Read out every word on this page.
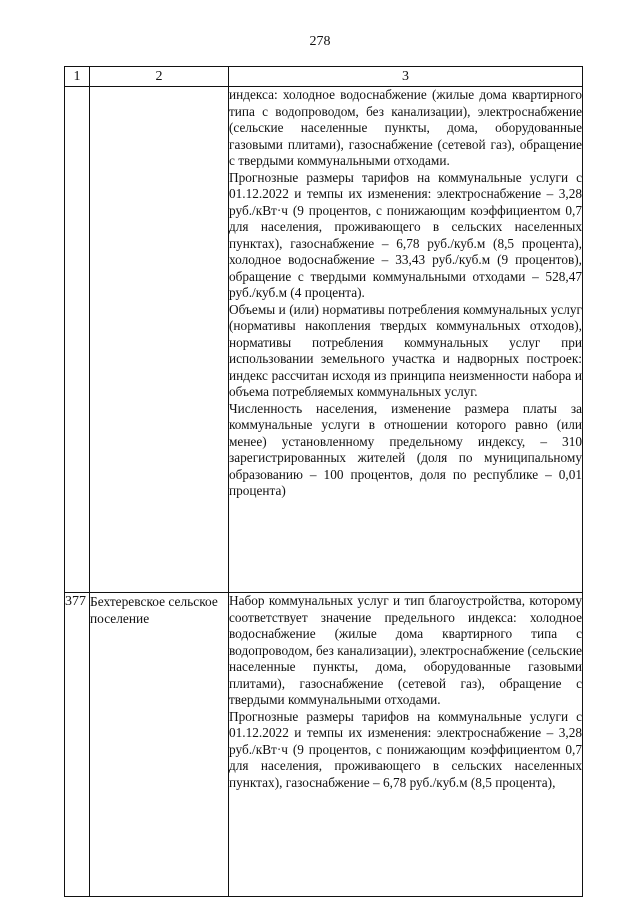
278
1	2	3

		индекса: холодное водоснабжение (жилые дома квартирного типа с водопроводом, без канализации), электроснабжение (сельские населенные пункты, дома, оборудованные газовыми плитами), газоснабжение (сетевой газ), обращение с твердыми коммунальными отходами.

Прогнозные размеры тарифов на коммунальные услуги с 01.12.2022 и темпы их изменения: электроснабжение – 3,28 руб./кВт·ч (9 процентов, с понижающим коэффициентом 0,7 для населения, проживающего в сельских населенных пунктах), газоснабжение – 6,78 руб./куб.м (8,5 процента), холодное водоснабжение – 33,43 руб./куб.м (9 процентов), обращение с твердыми коммунальными отходами – 528,47 руб./куб.м (4 процента).

Объемы и (или) нормативы потребления коммунальных услуг (нормативы накопления твердых коммунальных отходов), нормативы потребления коммунальных услуг при использовании земельного участка и надворных построек: индекс рассчитан исходя из принципа неизменности набора и объема потребляемых коммунальных услуг.

Численность населения, изменение размера платы за коммунальные услуги в отношении которого равно (или менее) установленному предельному индексу, – 310 зарегистрированных жителей (доля по муниципальному образованию – 100 процентов, доля по республике – 0,01 процента)

377	Бехтеревское сельское поселение	Набор коммунальных услуг и тип благоустройства, которому соответствует значение предельного индекса: холодное водоснабжение (жилые дома квартирного типа с водопроводом, без канализации), электроснабжение (сельские населенные пункты, дома, оборудованные газовыми плитами), газоснабжение (сетевой газ), обращение с твердыми коммунальными отходами.

Прогнозные размеры тарифов на коммунальные услуги с 01.12.2022 и темпы их изменения: электроснабжение – 3,28 руб./кВт·ч (9 процентов, с понижающим коэффициентом 0,7 для населения, проживающего в сельских населенных пунктах), газоснабжение – 6,78 руб./куб.м (8,5 процента),
